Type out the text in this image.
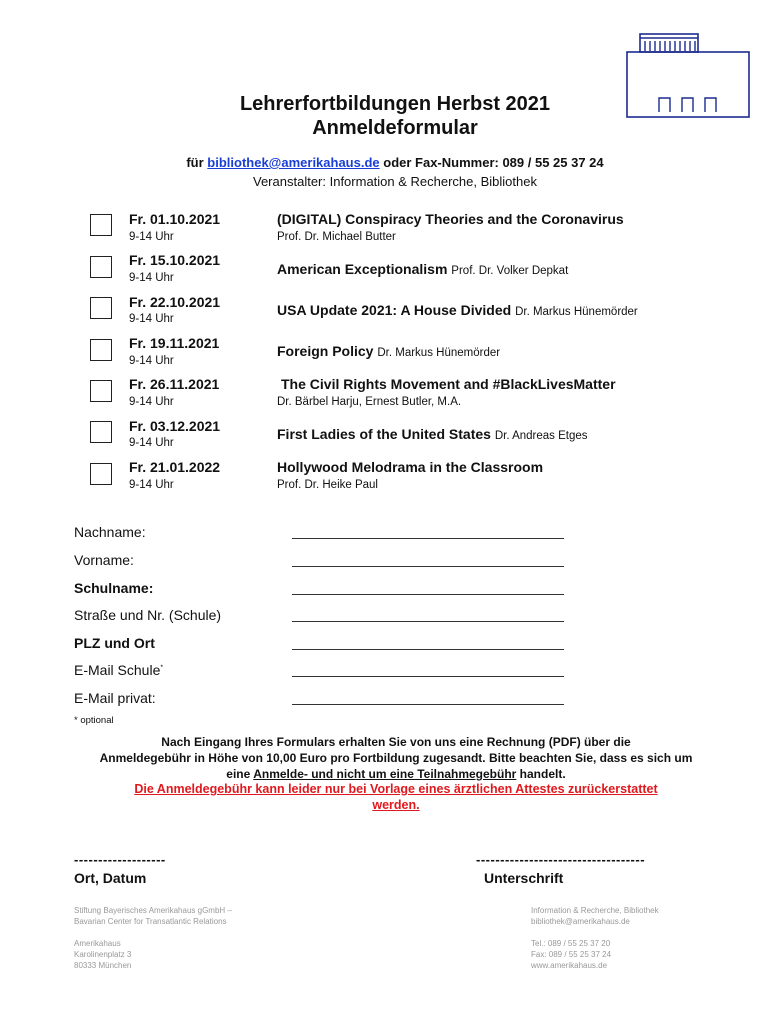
Lehrerfortbildungen Herbst 2021
Anmeldeformular
für bibliothek@amerikahaus.de oder Fax-Nummer: 089 / 55 25 37 24
Veranstalter: Information & Recherche, Bibliothek
Fr. 01.10.2021
9-14 Uhr
(DIGITAL) Conspiracy Theories and the Coronavirus
Prof. Dr. Michael Butter
Fr. 15.10.2021
9-14 Uhr
American Exceptionalism Prof. Dr. Volker Depkat
Fr. 22.10.2021
9-14 Uhr
USA Update 2021: A House Divided Dr. Markus Hünemörder
Fr. 19.11.2021
9-14 Uhr
Foreign Policy Dr. Markus Hünemörder
Fr. 26.11.2021
9-14 Uhr
The Civil Rights Movement and #BlackLivesMatter
Dr. Bärbel Harju, Ernest Butler, M.A.
Fr. 03.12.2021
9-14 Uhr
First Ladies of the United States Dr. Andreas Etges
Fr. 21.01.2022
9-14 Uhr
Hollywood Melodrama in the Classroom
Prof. Dr. Heike Paul
Nachname:
Vorname:
Schulname:
Straße und Nr. (Schule)
PLZ und Ort
E-Mail Schule*
E-Mail privat:
* optional
Nach Eingang Ihres Formulars erhalten Sie von uns eine Rechnung (PDF) über die
Anmeldegebühr in Höhe von 10,00 Euro pro Fortbildung zugesandt. Bitte beachten Sie, dass es sich um
eine Anmelde- und nicht um eine Teilnahmegebühr handelt.
Die Anmeldegebühr kann leider nur bei Vorlage eines ärztlichen Attestes zurückerstattet
werden.
-------------------
Ort, Datum
-----------------------------------
Unterschrift
Stiftung Bayerisches Amerikahaus gGmbH –
Bavarian Center for Transatlantic Relations
Amerikahaus
Karolinenplatz 3
80333 München
Information & Recherche, Bibliothek
bibliothek@amerikahaus.de
Tel.: 089 / 55 25 37 20
Fax: 089 / 55 25 37 24
www.amerikahaus.de
